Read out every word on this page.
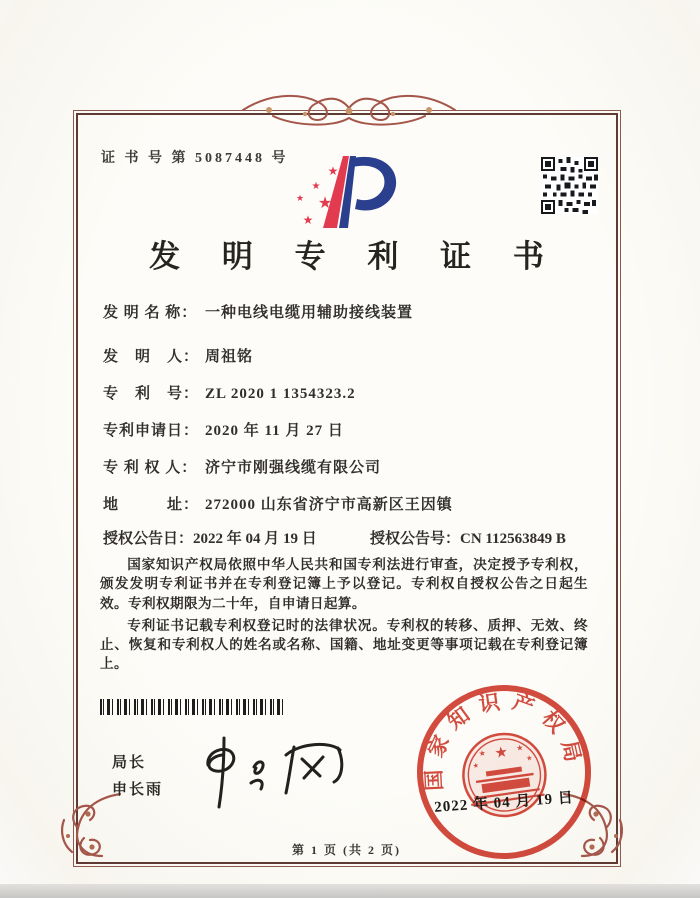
证 书 号 第 5087448 号
★
★
★ ★
★
发 明 专 利 证 书
发 明 名 称： 一种电线电缆用辅助接线装置
发　明　人： 周祖铭
专　利　号： ZL 2020 1 1354323.2
专利申请日： 2020 年 11 月 27 日
专 利 权 人： 济宁市刚强线缆有限公司
地　　　址： 272000 山东省济宁市高新区王因镇
授权公告日：2022 年 04 月 19 日	授权公告号：CN 112563849 B

国家知识产权局依照中华人民共和国专利法进行审查，决定授予专利权，颁发发明专利证书并在专利登记簿上予以登记。专利权自授权公告之日起生效。专利权期限为二十年，自申请日起算。

专利证书记载专利权登记时的法律状况。专利权的转移、质押、无效、终止、恢复和专利权人的姓名或名称、国籍、地址变更等事项记载在专利登记簿上。

局长
申长雨	国家知识产权局
★
★
★
★
★
2022 年 04 月 19 日
第 1 页 (共 2 页)
